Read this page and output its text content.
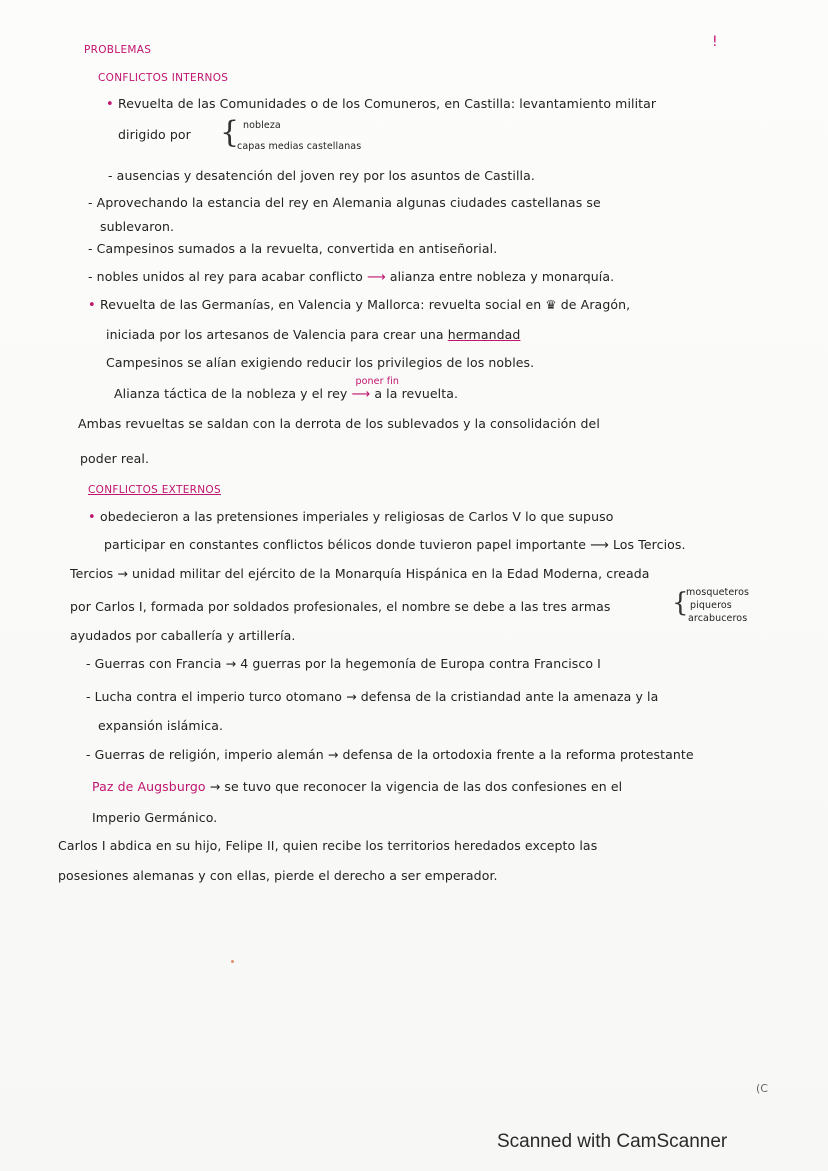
PROBLEMAS	!
CONFLICTOS INTERNOS
• Revuelta de las Comunidades o de los Comuneros, en Castilla: levantamiento militar
dirigido por { nobleza
capas medias castellanas
- ausencias y desatención del joven rey por los asuntos de Castilla.
- Aprovechando la estancia del rey en Alemania algunas ciudades castellanas se
sublevaron.
- Campesinos sumados a la revuelta, convertida en antiseñorial.
- nobles unidos al rey para acabar conflicto ⟶ alianza entre nobleza y monarquía.
• Revuelta de las Germanías, en Valencia y Mallorca: revuelta social en ♛ de Aragón,
iniciada por los artesanos de Valencia para crear una hermandad
Campesinos se alían exigiendo reducir los privilegios de los nobles.
Alianza táctica de la nobleza y el rey
poner fin
⟶ a la revuelta.
Ambas revueltas se saldan con la derrota de los sublevados y la consolidación del
poder real.
CONFLICTOS EXTERNOS
• obedecieron a las pretensiones imperiales y religiosas de Carlos V lo que supuso
participar en constantes conflictos bélicos donde tuvieron papel importante ⟶ Los Tercios.
Tercios → unidad militar del ejército de la Monarquía Hispánica en la Edad Moderna, creada
por Carlos I, formada por soldados profesionales, el nombre se debe a las tres armas {
mosqueteros
piqueros
arcabuceros
ayudados por caballería y artillería.
- Guerras con Francia → 4 guerras por la hegemonía de Europa contra Francisco I
- Lucha contra el imperio turco otomano → defensa de la cristiandad ante la amenaza y la
expansión islámica.
- Guerras de religión, imperio alemán → defensa de la ortodoxia frente a la reforma protestante
Paz de Augsburgo → se tuvo que reconocer la vigencia de las dos confesiones en el
Imperio Germánico.
Carlos I abdica en su hijo, Felipe II, quien recibe los territorios heredados excepto las
posesiones alemanas y con ellas, pierde el derecho a ser emperador.
(C
Scanned with CamScanner
